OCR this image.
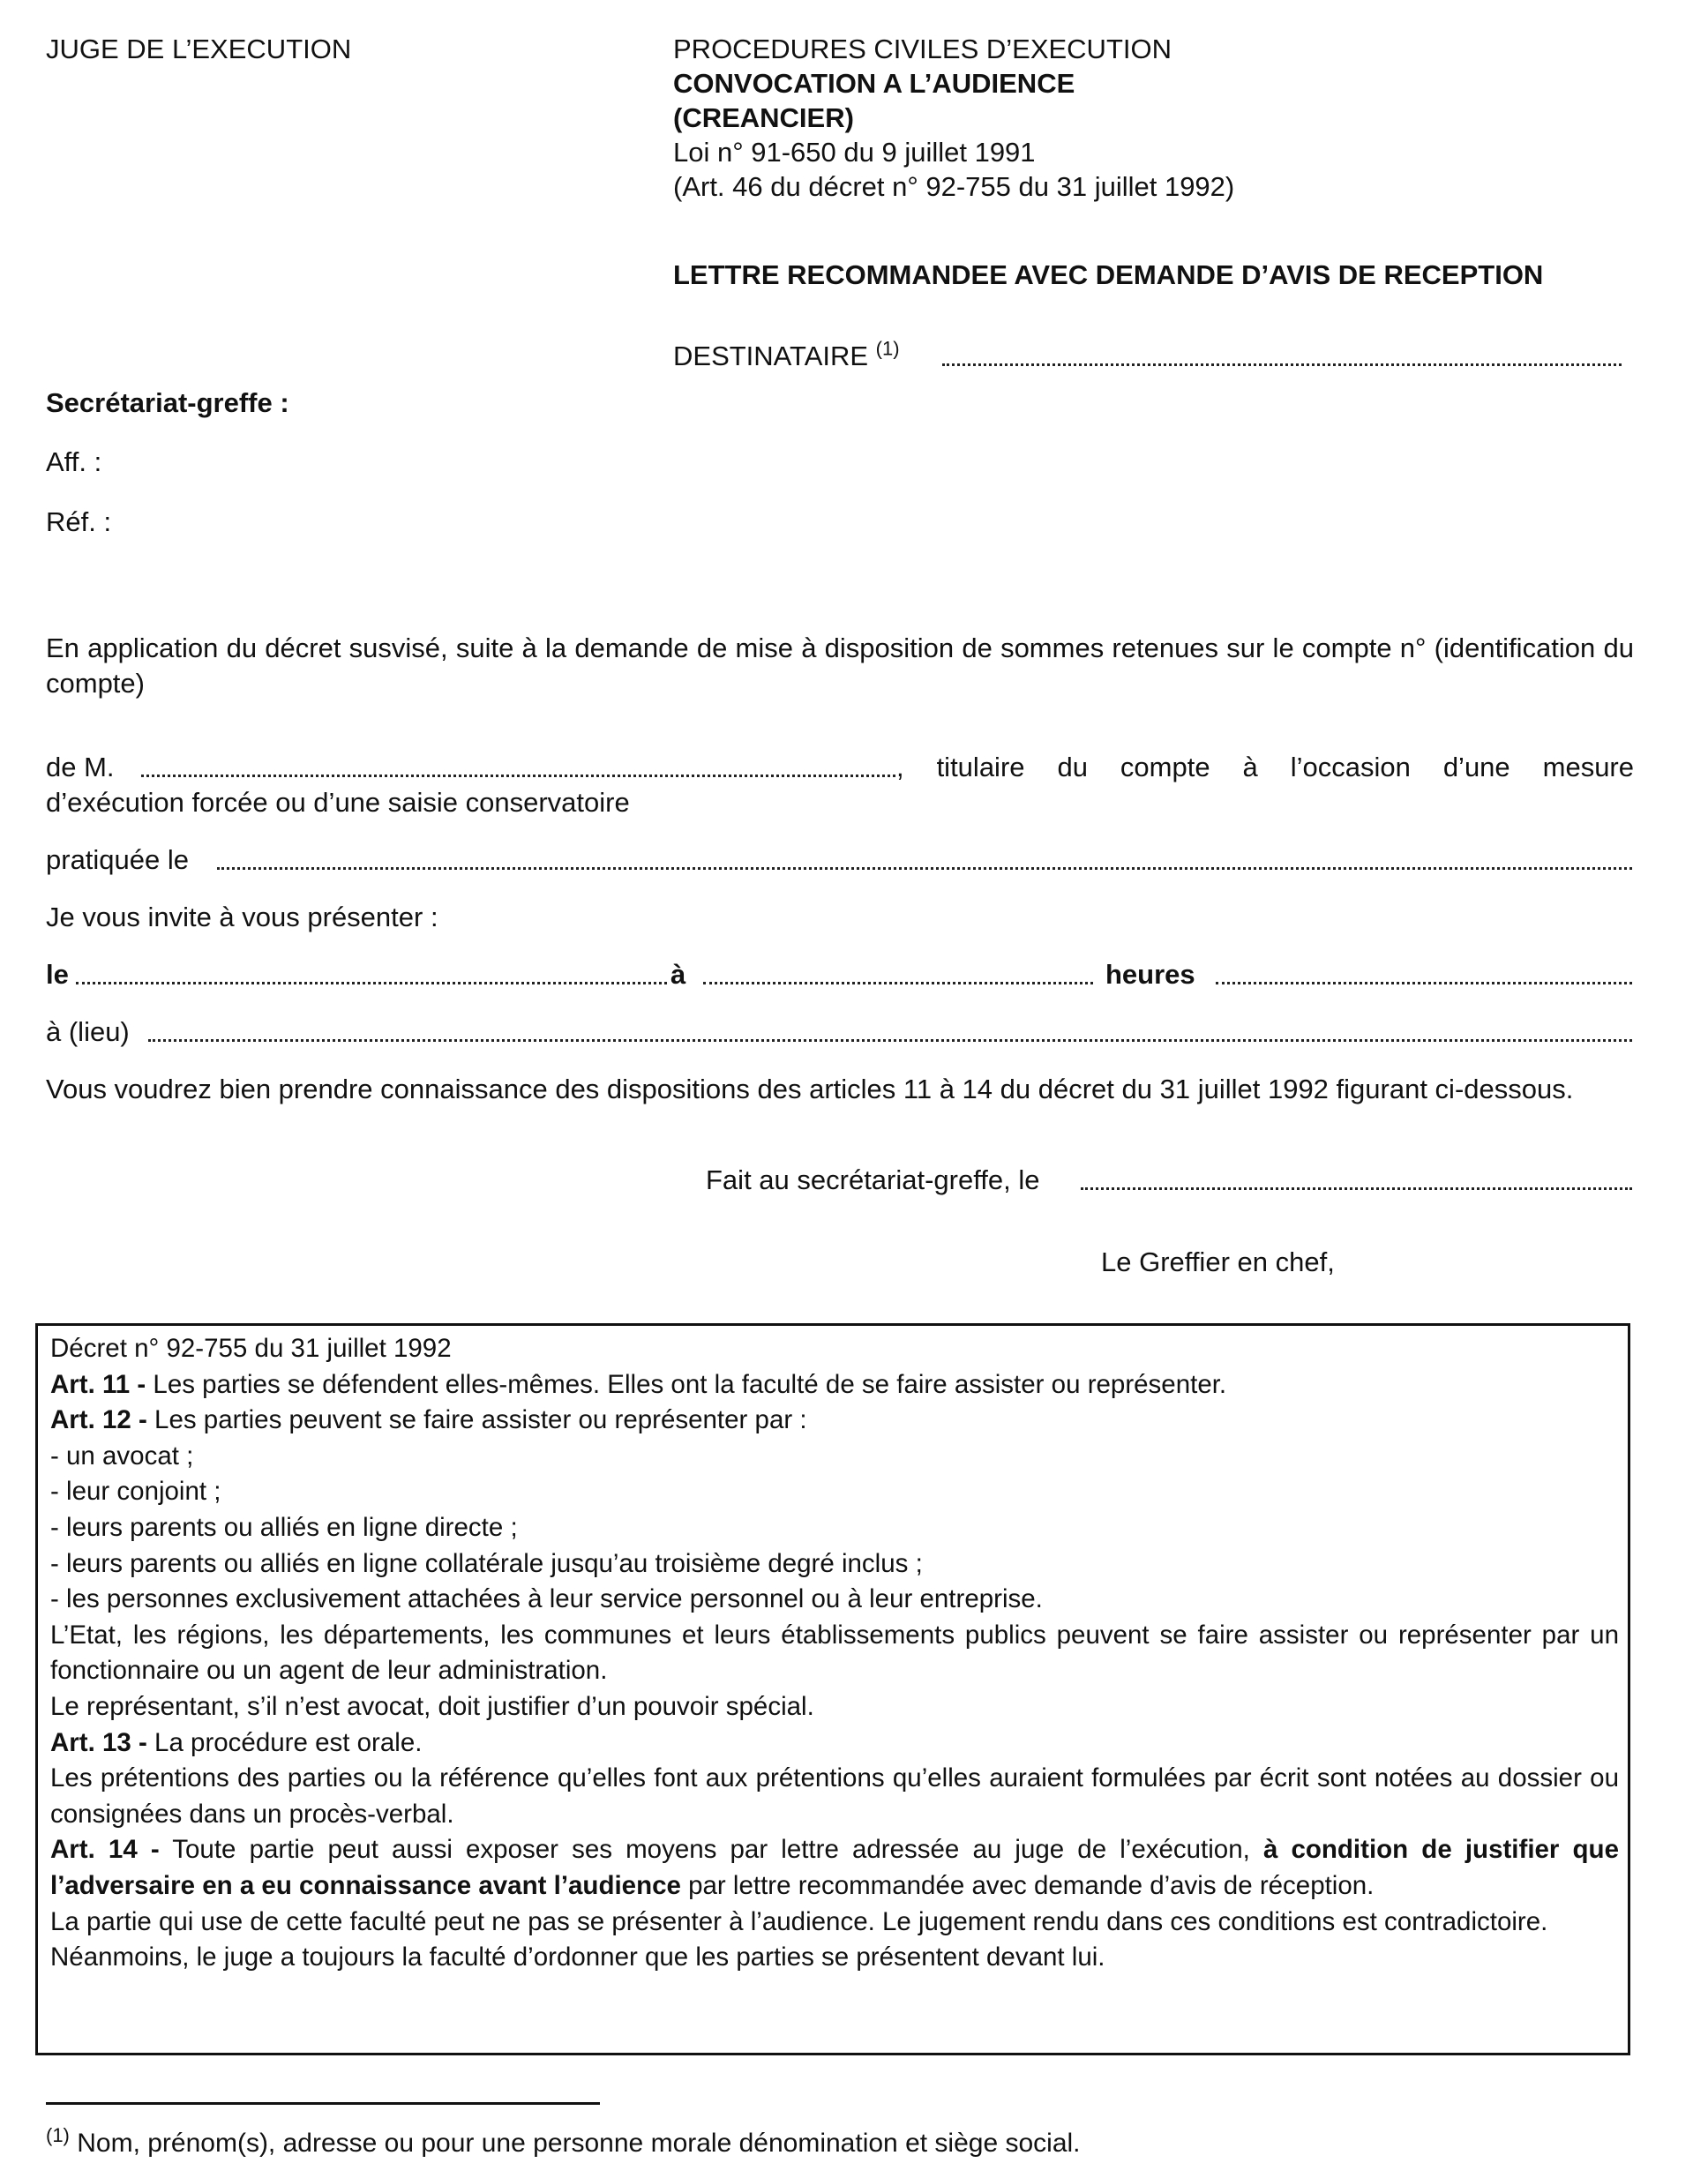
JUGE DE L’EXECUTION	PROCEDURES CIVILES D’EXECUTION
CONVOCATION A L’AUDIENCE
(CREANCIER)
Loi n° 91-650 du 9 juillet 1991
(Art. 46 du décret n° 92-755 du 31 juillet 1992)
LETTRE RECOMMANDEE AVEC DEMANDE D’AVIS DE RECEPTION
DESTINATAIRE $^{(1)}$
Secrétariat-greffe :
Aff. :
Réf. :
En application du décret susvisé, suite à la demande de mise à disposition de sommes retenues sur le compte n° (identification du compte)
de M.	, titulaire du compte à l’occasion d’une mesure
d’exécution forcée ou d’une saisie conservatoire
pratiquée le
Je vous invite à vous présenter :
le	à	heures
à (lieu)
Vous voudrez bien prendre connaissance des dispositions des articles 11 à 14 du décret du 31 juillet 1992 figurant ci-dessous.
Fait au secrétariat-greffe, le
Le Greffier en chef,

Décret n° 92-755 du 31 juillet 1992

Art. 11 - Les parties se défendent elles-mêmes. Elles ont la faculté de se faire assister ou représenter.

Art. 12 - Les parties peuvent se faire assister ou représenter par :

- un avocat ;

- leur conjoint ;

- leurs parents ou alliés en ligne directe ;

- leurs parents ou alliés en ligne collatérale jusqu’au troisième degré inclus ;

- les personnes exclusivement attachées à leur service personnel ou à leur entreprise.

L’Etat, les régions, les départements, les communes et leurs établissements publics peuvent se faire assister ou représenter par un fonctionnaire ou un agent de leur administration.

Le représentant, s’il n’est avocat, doit justifier d’un pouvoir spécial.

Art. 13 - La procédure est orale.

Les prétentions des parties ou la référence qu’elles font aux prétentions qu’elles auraient formulées par écrit sont notées au dossier ou consignées dans un procès-verbal.

Art. 14 - Toute partie peut aussi exposer ses moyens par lettre adressée au juge de l’exécution, à condition de justifier que l’adversaire en a eu connaissance avant l’audience par lettre recommandée avec demande d’avis de réception.

La partie qui use de cette faculté peut ne pas se présenter à l’audience. Le jugement rendu dans ces conditions est contradictoire.

Néanmoins, le juge a toujours la faculté d’ordonner que les parties se présentent devant lui.

$^{(1)}$ Nom, prénom(s), adresse ou pour une personne morale dénomination et siège social.
